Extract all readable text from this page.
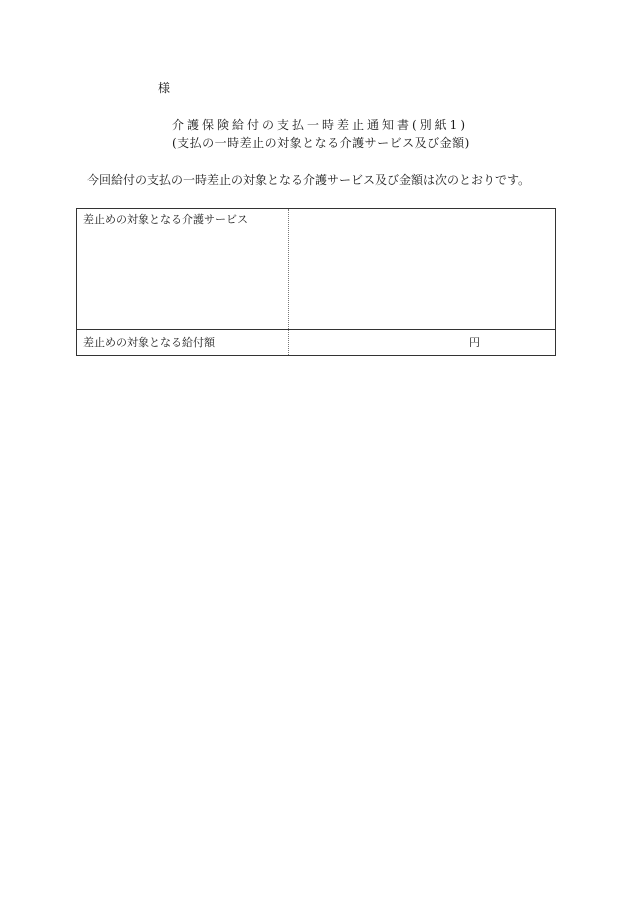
様
介護保険給付の支払一時差止通知書(別紙1)
(支払の一時差止の対象となる介護サービス及び金額)
今回給付の支払の一時差止の対象となる介護サービス及び金額は次のとおりです。
差止めの対象となる介護サービス
差止めの対象となる給付額	円
